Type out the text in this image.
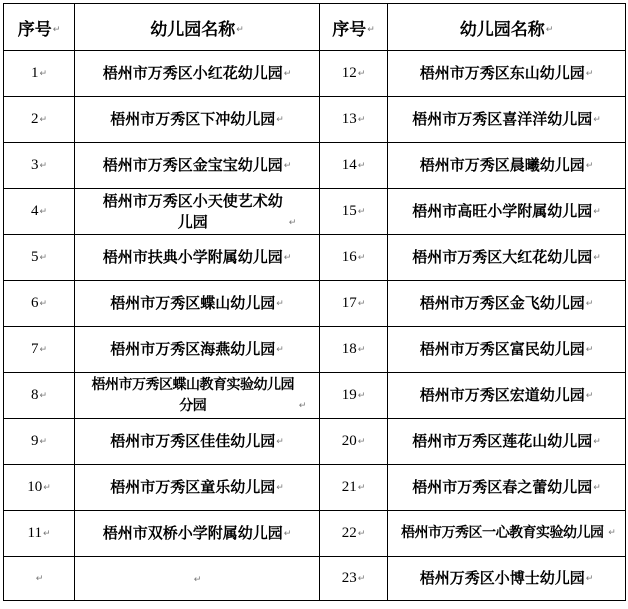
序号↵	幼儿园名称↵	序号↵	幼儿园名称↵
1↵	梧州市万秀区小红花幼儿园↵	12↵	梧州市万秀区东山幼儿园↵
2↵	梧州市万秀区下冲幼儿园↵	13↵	梧州市万秀区喜洋洋幼儿园↵
3↵	梧州市万秀区金宝宝幼儿园↵	14↵	梧州市万秀区晨曦幼儿园↵
4↵	梧州市万秀区小天使艺术幼儿园 ↵	15↵	梧州市高旺小学附属幼儿园↵
5↵	梧州市扶典小学附属幼儿园↵	16↵	梧州市万秀区大红花幼儿园↵
6↵	梧州市万秀区蝶山幼儿园↵	17↵	梧州市万秀区金飞幼儿园↵
7↵	梧州市万秀区海燕幼儿园↵	18↵	梧州市万秀区富民幼儿园↵
8↵	梧州市万秀区蝶山教育实验幼儿园分园 ↵	19↵	梧州市万秀区宏道幼儿园↵
9↵	梧州市万秀区佳佳幼儿园↵	20↵	梧州市万秀区莲花山幼儿园↵
10↵	梧州市万秀区童乐幼儿园↵	21↵	梧州市万秀区春之蕾幼儿园↵
11↵	梧州市双桥小学附属幼儿园↵	22↵	梧州市万秀区一心教育实验幼儿园 ↵
↵	↵	23↵	梧州万秀区小博士幼儿园↵
